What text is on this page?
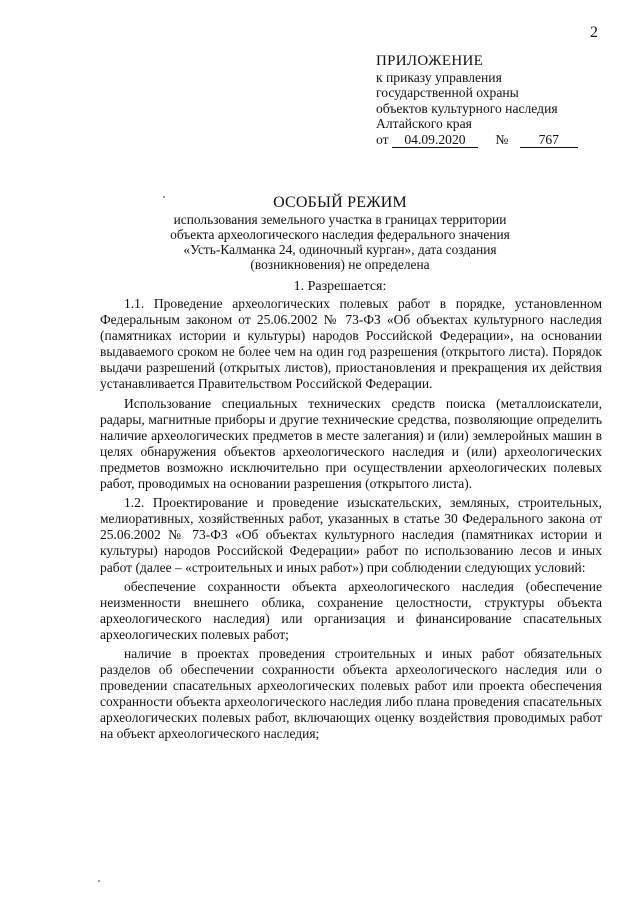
2
ПРИЛОЖЕНИЕ
к приказу управления
государственной охраны
объектов культурного наследия
Алтайского края
от 04.09.2020 № 767
ОСОБЫЙ РЕЖИМ
использования земельного участка в границах территории
объекта археологического наследия федерального значения
«Усть-Калманка 24, одиночный курган», дата создания
(возникновения) не определена
1. Разрешается:

1.1. Проведение археологических полевых работ в порядке, установленном Федеральным законом от 25.06.2002 № 73-ФЗ «Об объектах культурного наследия (памятниках истории и культуры) народов Российской Федерации», на основании выдаваемого сроком не более чем на один год разрешения (открытого листа). Порядок выдачи разрешений (открытых листов), приостановления и прекращения их действия устанавливается Правительством Российской Федерации.

Использование специальных технических средств поиска (металлоискатели, радары, магнитные приборы и другие технические средства, позволяющие определить наличие археологических предметов в месте залегания) и (или) землеройных машин в целях обнаружения объектов археологического наследия и (или) археологических предметов возможно исключительно при осуществлении археологических полевых работ, проводимых на основании разрешения (открытого листа).

1.2. Проектирование и проведение изыскательских, земляных, строительных, мелиоративных, хозяйственных работ, указанных в статье 30 Федерального закона от 25.06.2002 № 73-ФЗ «Об объектах культурного наследия (памятниках истории и культуры) народов Российской Федерации» работ по использованию лесов и иных работ (далее – «строительных и иных работ») при соблюдении следующих условий:

обеспечение сохранности объекта археологического наследия (обеспечение неизменности внешнего облика, сохранение целостности, структуры объекта археологического наследия) или организация и финансирование спасательных археологических полевых работ;

наличие в проектах проведения строительных и иных работ обязательных разделов об обеспечении сохранности объекта археологического наследия или о проведении спасательных археологических полевых работ или проекта обеспечения сохранности объекта археологического наследия либо плана проведения спасательных археологических полевых работ, включающих оценку воздействия проводимых работ на объект археологического наследия;
